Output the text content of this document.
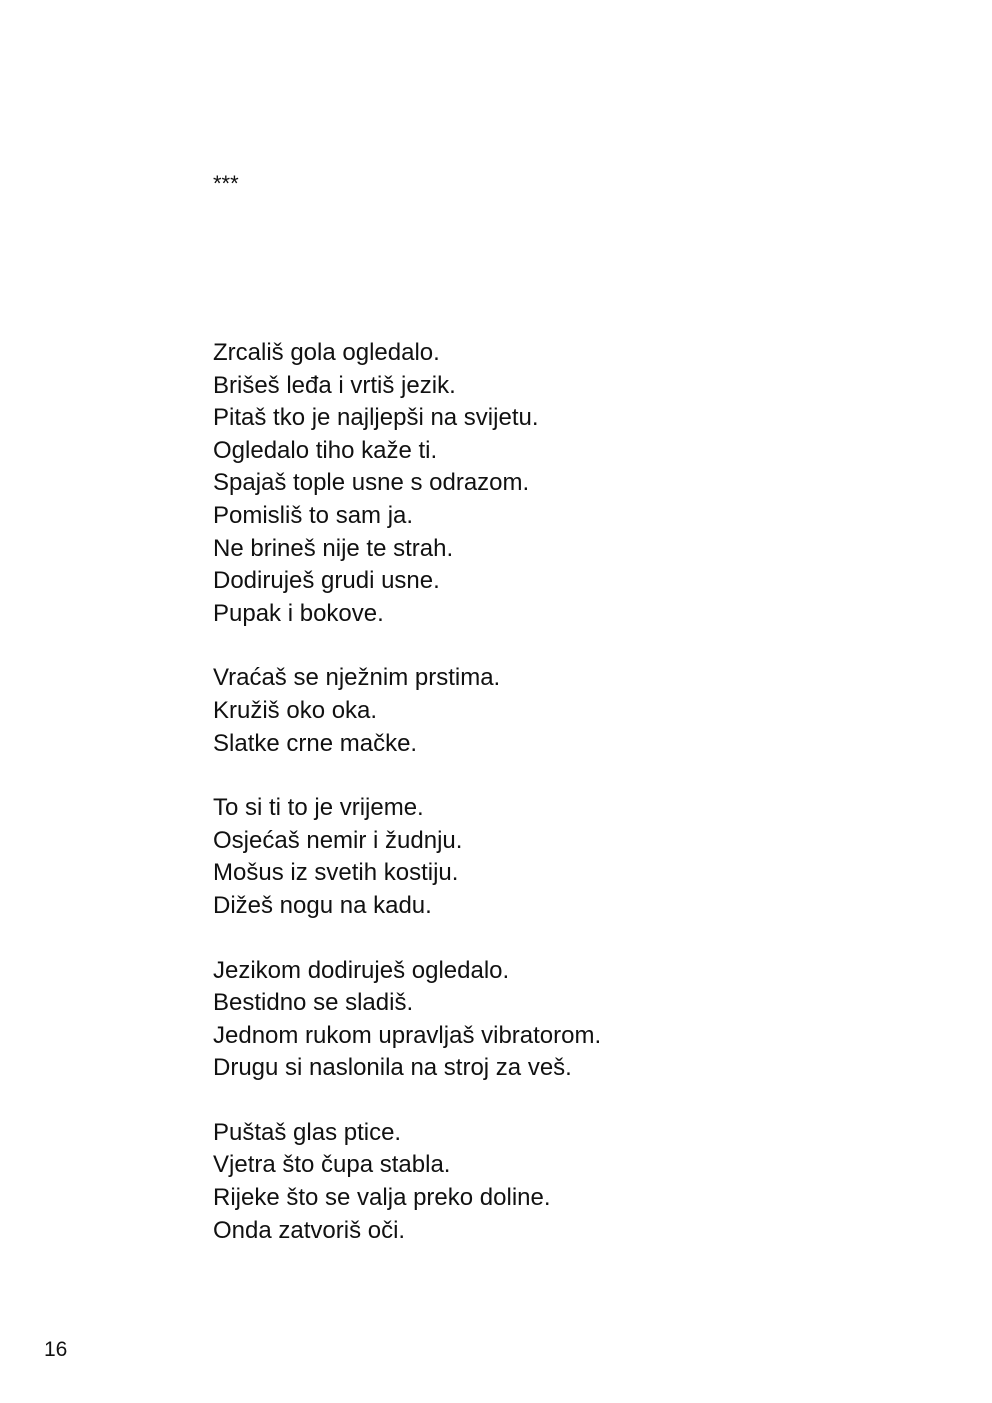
***
Zrcališ gola ogledalo.
Brišeš leđa i vrtiš jezik.
Pitaš tko je najljepši na svijetu.
Ogledalo tiho kaže ti.
Spajaš tople usne s odrazom.
Pomisliš to sam ja.
Ne brineš nije te strah.
Dodiruješ grudi usne.
Pupak i bokove.
Vraćaš se nježnim prstima.
Kružiš oko oka.
Slatke crne mačke.
To si ti to je vrijeme.
Osjećaš nemir i žudnju.
Mošus iz svetih kostiju.
Dižeš nogu na kadu.
Jezikom dodiruješ ogledalo.
Bestidno se sladiš.
Jednom rukom upravljaš vibratorom.
Drugu si naslonila na stroj za veš.
Puštaš glas ptice.
Vjetra što čupa stabla.
Rijeke što se valja preko doline.
Onda zatvoriš oči.
16
